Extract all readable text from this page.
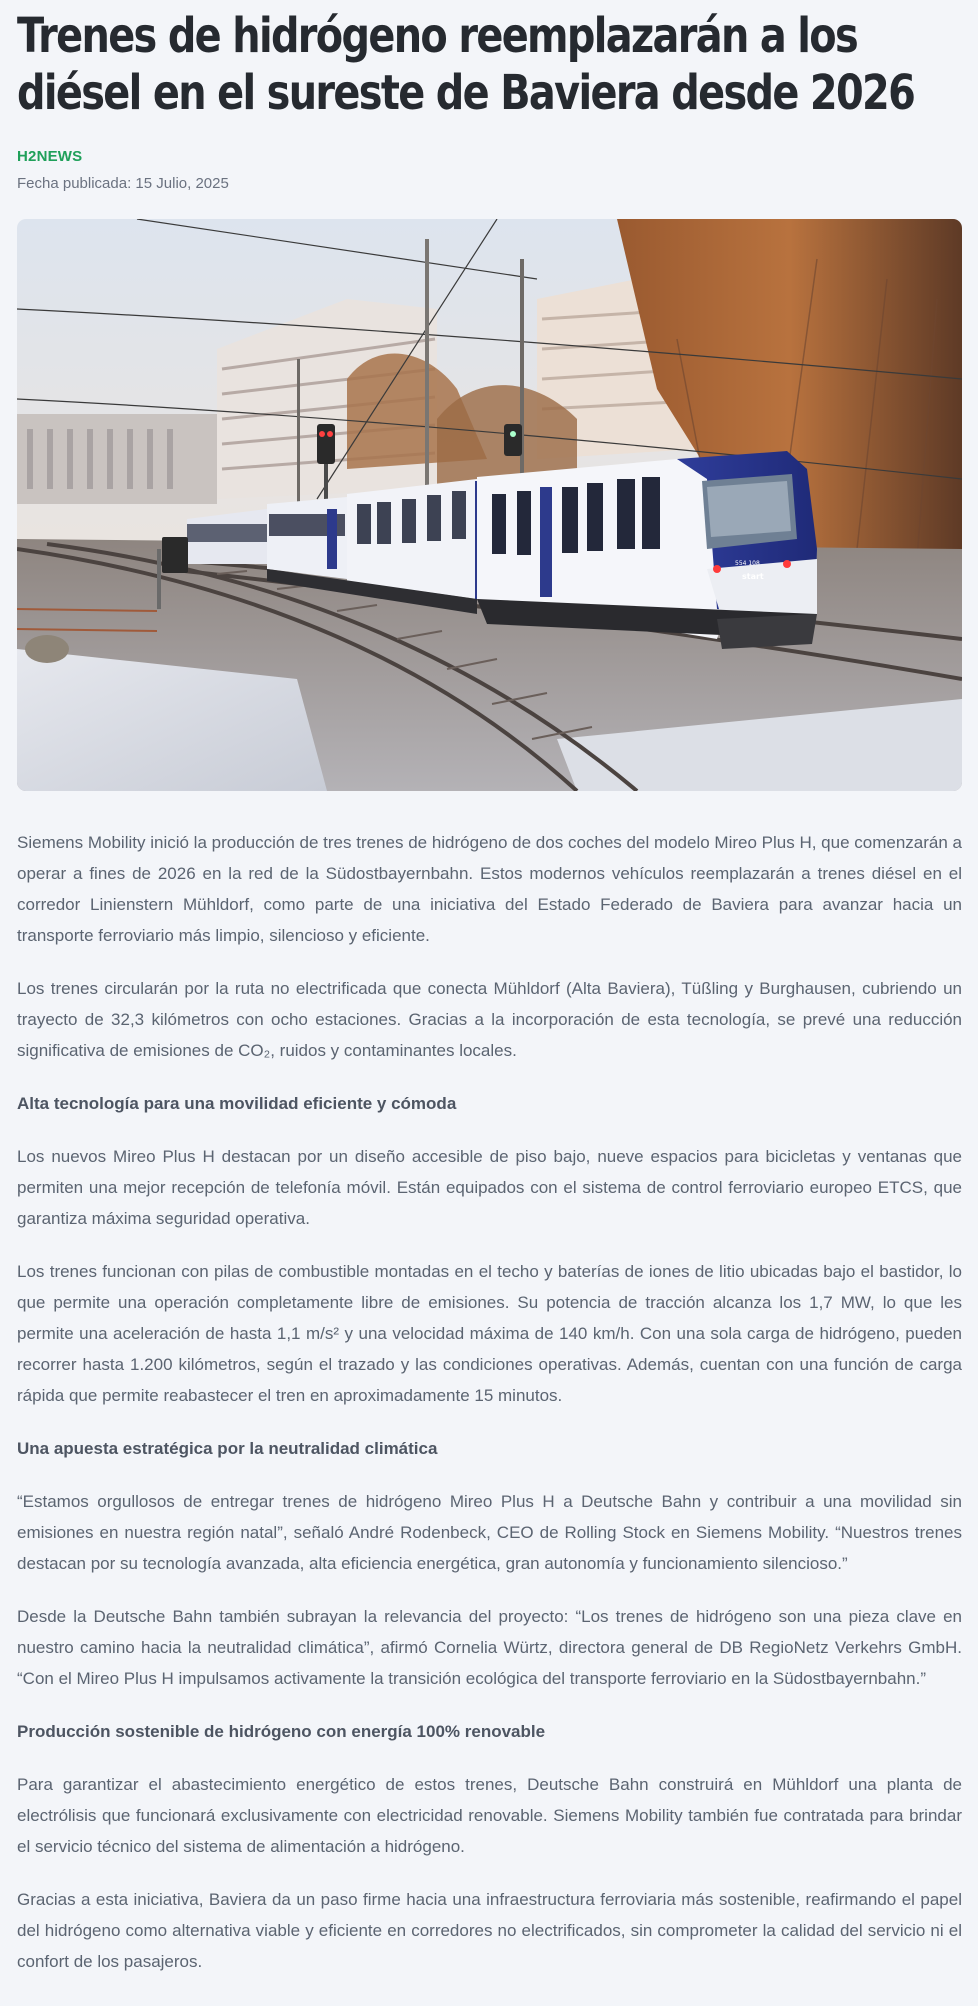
Trenes de hidrógeno reemplazarán a los diésel en el sureste de Baviera desde 2026
H2NEWS
Fecha publicada: 15 Julio, 2025
554 108
start

Siemens Mobility inició la producción de tres trenes de hidrógeno de dos coches del modelo Mireo Plus H, que comenzarán a operar a fines de 2026 en la red de la Südostbayernbahn. Estos modernos vehículos reemplazarán a trenes diésel en el corredor Linienstern Mühldorf, como parte de una iniciativa del Estado Federado de Baviera para avanzar hacia un transporte ferroviario más limpio, silencioso y eficiente.

Los trenes circularán por la ruta no electrificada que conecta Mühldorf (Alta Baviera), Tüßling y Burghausen, cubriendo un trayecto de 32,3 kilómetros con ocho estaciones. Gracias a la incorporación de esta tecnología, se prevé una reducción significativa de emisiones de CO₂, ruidos y contaminantes locales.

Alta tecnología para una movilidad eficiente y cómoda

Los nuevos Mireo Plus H destacan por un diseño accesible de piso bajo, nueve espacios para bicicletas y ventanas que permiten una mejor recepción de telefonía móvil. Están equipados con el sistema de control ferroviario europeo ETCS, que garantiza máxima seguridad operativa.

Los trenes funcionan con pilas de combustible montadas en el techo y baterías de iones de litio ubicadas bajo el bastidor, lo que permite una operación completamente libre de emisiones. Su potencia de tracción alcanza los 1,7 MW, lo que les permite una aceleración de hasta 1,1 m/s² y una velocidad máxima de 140 km/h. Con una sola carga de hidrógeno, pueden recorrer hasta 1.200 kilómetros, según el trazado y las condiciones operativas. Además, cuentan con una función de carga rápida que permite reabastecer el tren en aproximadamente 15 minutos.

Una apuesta estratégica por la neutralidad climática

“Estamos orgullosos de entregar trenes de hidrógeno Mireo Plus H a Deutsche Bahn y contribuir a una movilidad sin emisiones en nuestra región natal”, señaló André Rodenbeck, CEO de Rolling Stock en Siemens Mobility. “Nuestros trenes destacan por su tecnología avanzada, alta eficiencia energética, gran autonomía y funcionamiento silencioso.”

Desde la Deutsche Bahn también subrayan la relevancia del proyecto: “Los trenes de hidrógeno son una pieza clave en nuestro camino hacia la neutralidad climática”, afirmó Cornelia Würtz, directora general de DB RegioNetz Verkehrs GmbH. “Con el Mireo Plus H impulsamos activamente la transición ecológica del transporte ferroviario en la Südostbayernbahn.”

Producción sostenible de hidrógeno con energía 100% renovable

Para garantizar el abastecimiento energético de estos trenes, Deutsche Bahn construirá en Mühldorf una planta de electrólisis que funcionará exclusivamente con electricidad renovable. Siemens Mobility también fue contratada para brindar el servicio técnico del sistema de alimentación a hidrógeno.

Gracias a esta iniciativa, Baviera da un paso firme hacia una infraestructura ferroviaria más sostenible, reafirmando el papel del hidrógeno como alternativa viable y eficiente en corredores no electrificados, sin comprometer la calidad del servicio ni el confort de los pasajeros.
